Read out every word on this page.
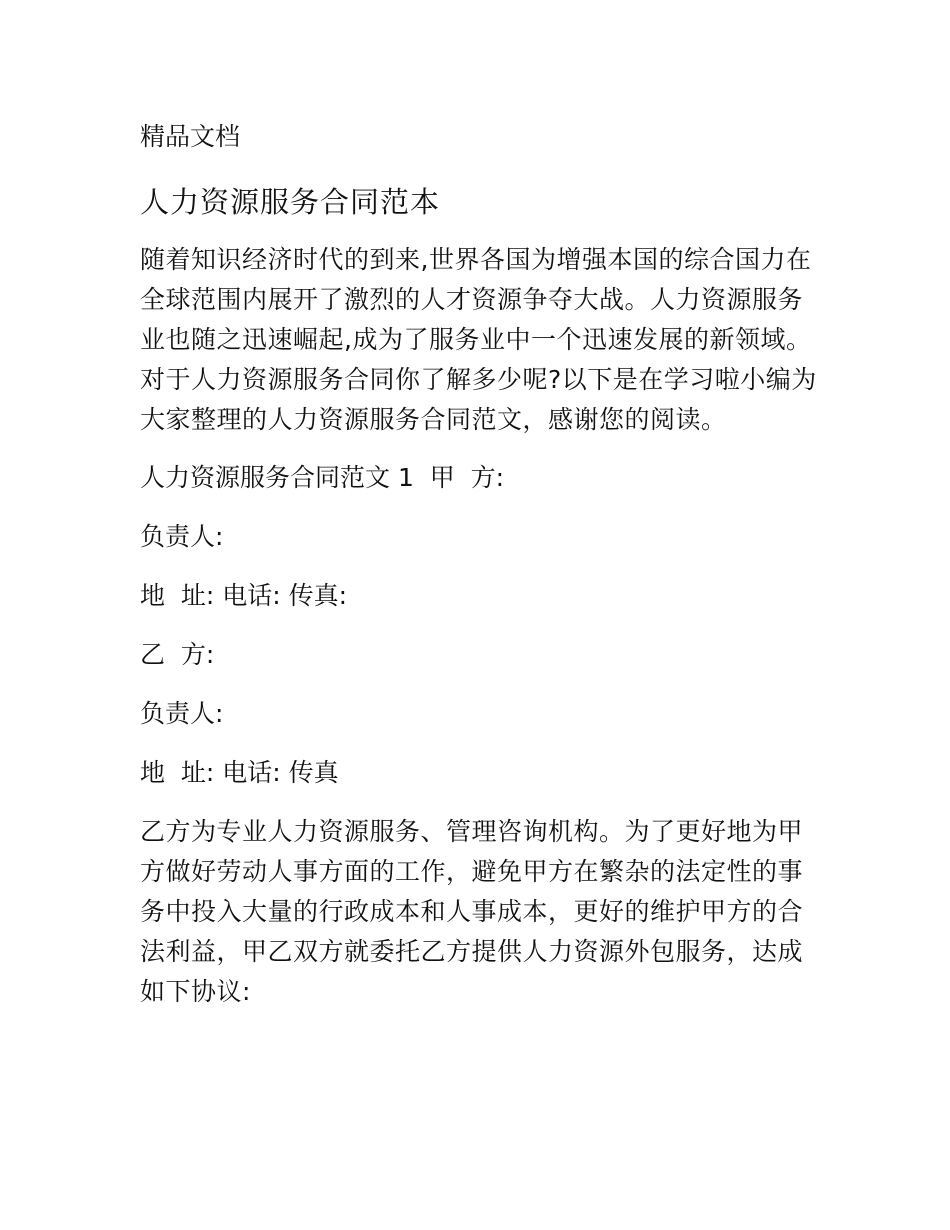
精品文档
人力资源服务合同范本
随着知识经济时代的到来,世界各国为增强本国的综合国力在全球范围内展开了激烈的人才资源争夺大战。人力资源服务业也随之迅速崛起,成为了服务业中一个迅速发展的新领域。对于人力资源服务合同你了解多少呢?以下是在学习啦小编为大家整理的人力资源服务合同范文，感谢您的阅读。
人力资源服务合同范文 1  甲  方:
负责人:
地  址: 电话: 传真:
乙  方:
负责人:
地  址: 电话: 传真
乙方为专业人力资源服务、管理咨询机构。为了更好地为甲方做好劳动人事方面的工作，避免甲方在繁杂的法定性的事务中投入大量的行政成本和人事成本，更好的维护甲方的合法利益，甲乙双方就委托乙方提供人力资源外包服务，达成如下协议:
